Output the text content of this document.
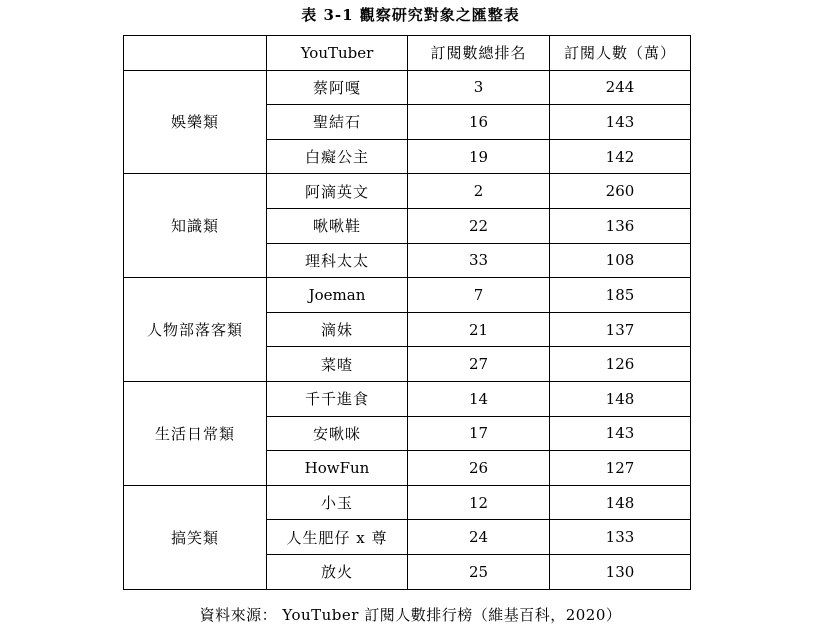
表 3-1 觀察研究對象之匯整表
	YouTuber	訂閱數總排名	訂閱人數（萬）
娛樂類	蔡阿嘎	3	244
	聖結石	16	143
	白癡公主	19	142
知識類	阿滴英文	2	260
	啾啾鞋	22	136
	理科太太	33	108
人物部落客類	Joeman	7	185
	滴妹	21	137
	菜喳	27	126
生活日常類	千千進食	14	148
	安啾咪	17	143
	HowFun	26	127
搞笑類	小玉	12	148
	人生肥仔 x 尊	24	133
	放火	25	130
資料來源： YouTuber 訂閱人數排行榜（維基百科，2020）
